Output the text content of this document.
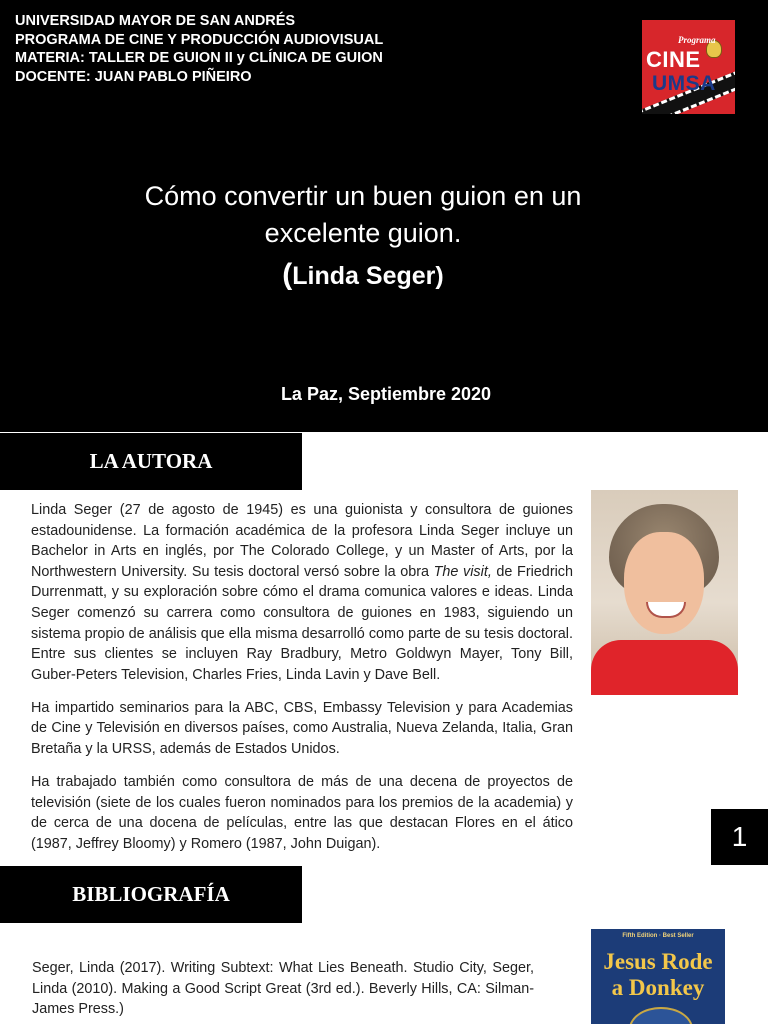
UNIVERSIDAD MAYOR DE SAN ANDRÉS
PROGRAMA DE CINE Y PRODUCCIÓN AUDIOVISUAL
MATERIA: TALLER DE GUION II y CLÍNICA DE GUION
DOCENTE: JUAN PABLO PIÑEIRO
Programa
CINE
UMSA
Cómo convertir un buen guion en un
excelente guion.
(Linda Seger)
La Paz, Septiembre 2020
LA AUTORA

Linda Seger (27 de agosto de 1945) es una guionista y consultora de guiones estadounidense. La formación académica de la profesora Linda Seger incluye un Bachelor in Arts en inglés, por The Colorado College, y un Master of Arts, por la Northwestern University. Su tesis doctoral versó sobre la obra The visit, de Friedrich Durrenmatt, y su exploración sobre cómo el drama comunica valores e ideas. Linda Seger comenzó su carrera como consultora de guiones en 1983, siguiendo un sistema propio de análisis que ella misma desarrolló como parte de su tesis doctoral. Entre sus clientes se incluyen Ray Bradbury, Metro Goldwyn Mayer, Tony Bill, Guber-Peters Television, Charles Fries, Linda Lavin y Dave Bell.

Ha impartido seminarios para la ABC, CBS, Embassy Television y para Academias de Cine y Televisión en diversos países, como Australia, Nueva Zelanda, Italia, Gran Bretaña y la URSS, además de Estados Unidos.

Ha trabajado también como consultora de más de una decena de proyectos de televisión (siete de los cuales fueron nominados para los premios de la academia) y de cerca de una docena de películas, entre las que destacan Flores en el ático (1987, Jeffrey Bloomy) y Romero (1987, John Duigan).	1
BIBLIOGRAFÍA
Seger, Linda (2017). Writing Subtext: What Lies Beneath. Studio City, Seger, Linda (2010). Making a Good Script Great (3rd ed.). Beverly Hills, CA: Silman-James Press.)
Fifth Edition · Best Seller
Jesus Rode
a Donkey
